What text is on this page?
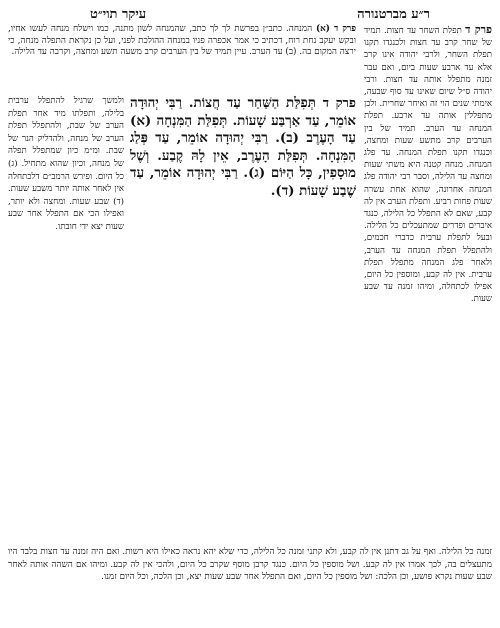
ר״ע מברטנורה
עיקר תוי״ט
פרק ד תפלת השחר עד חצות. תמיד של שחר קרב עד חצות ולכנגדו תקנו תפלת השחר, ולרבי יהודה אינו קרב אלא עד ארבע שעות ביום, ואם עבר זמנה מתפלל אותה עד חצות. ורבי יהודה ס״ל שיום שאינו עד סוף שבעה, אימתי שנים הוי זה ואיחר שחרית. ולכן מתפללין אותה עד ארבע. תפלת המנחה עד הערב. תמיד של בין הערבים קרב מתשע שעות ומחצה, וכנגדו תקנו תפלת המנחה. עד פלג המנחה. מנחה קטנה היא משתי שעות ומחצה עד הלילה, וסבר רבי יהודה פלג המנחה אחרונה, שהוא אחת עשרה שעות פחות רביע. ותפלת הערב אין לה קבע, שאם לא התפלל כל הלילה, כנגד איברים ופדרים שמתעכלים כל הלילה. ובעל לתפלת ערבית כדברי חכמים, ולהתפלל תפלת המנחה עד הערב, ולאחר פלג המנחה מתפלל תפלת ערבית. אין לה קבע, ומוספין כל היום, אפילו לכתחלה, ומיהו זמנה עד שבע שעות.
פרק ד (א) המנחה. כתב״ן בפרשת לך לך כתב, שהמנחה לשון מתנה, כמו וישלח מנחה לעשו אחיו, ובקש יעקב נחת רוח, דכתיב כי אמר אכפרה פניו במנחה ההולכת לפני, ועל כן נקראת התפלה מנחה, כי ירצה המקום בה. (ב) עד הערב. עיין תמיד של בין הערבים קרב משעה תשע ומחצה, וקרבה עד הלילה.
פרק ד תְּפִלַּת הַשַּׁחַר עַד חֲצוֹת. רַבִּי יְהוּדָה אוֹמֵר, עַד אַרְבַּע שָׁעוֹת. תְּפִלַּת הַמִּנְחָה (א) עַד הָעֶרֶב (ב). רַבִּי יְהוּדָה אוֹמֵר, עַד פְּלַג הַמִּנְחָה. תְּפִלַּת הָעֶרֶב, אֵין לָהּ קֶבַע. וְשֶׁל מוּסָפִין, כָּל הַיּוֹם (ג). רַבִּי יְהוּדָה אוֹמֵר, עַד שֶׁבַע שָׁעוֹת (ד).
ולמשך שרגיל להתפלל ערבית בלילה, ותפלתו מיד אחר תפלת הערב של שבת, ולהתפלל תפלת הערב של מנחה, ולהדליק הנר של שבת. ומ״מ כיון שמתפלל תפלה של מנחה, וכיון שהוא מתחיל. (ג) כל היום. ופירש הרמב״ם דלכתחלה אין לאחר אותה יותר משבע שעות. (ד) שבע שעות. ומחצה ולא יותר, ואפילו הכי אם התפלל אחר שבע שעות יצא ידי חובתו.
זמנה כל הלילה. ואף על גב דתנן אין לה קבע, ולא קתני זמנה כל הלילה, כדי שלא יהא נראה כאילו היא רשות. ואם היה זמנה עד חצות בלבד היו מתעצלים בה, לכך אמרו אין לה קבע. ושל מוספין כל היום. כנגד קרבן מוסף שקרב כל היום, ולהכי אין לה קבע. ומיהו אם השהה אותה לאחר שבע שעות נקרא פושע, וכן הלכה: ושל מוספין כל היום, ואם התפלל אחר שבע שעות יצא, וכן הלכה, וכל היום זמנו.
